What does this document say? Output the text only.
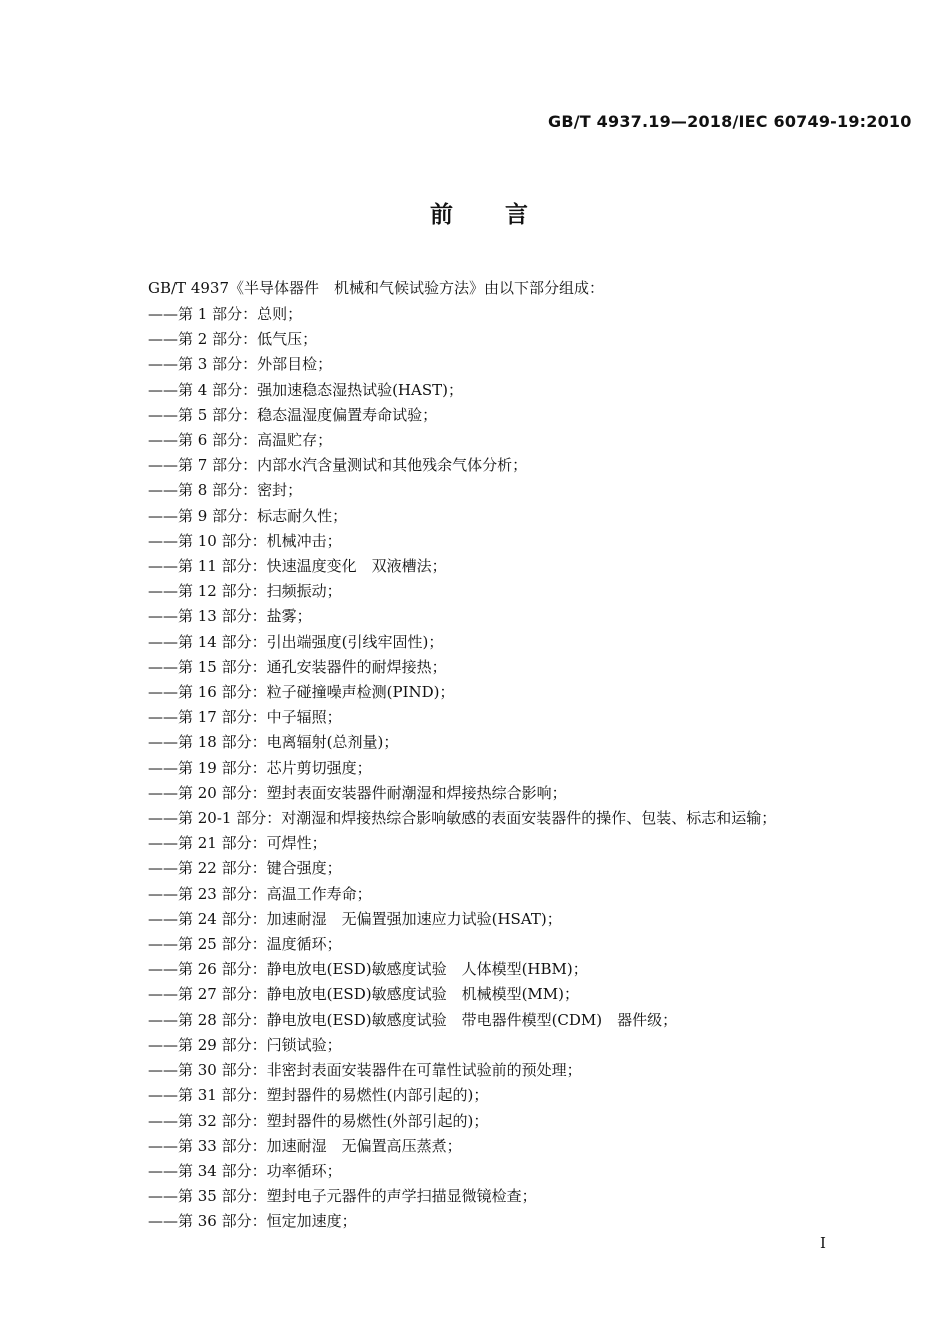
GB/T 4937.19—2018/IEC 60749-19:2010
前言
GB/T 4937《半导体器件　机械和气候试验方法》由以下部分组成：
——第 1 部分：总则；
——第 2 部分：低气压；
——第 3 部分：外部目检；
——第 4 部分：强加速稳态湿热试验(HAST)；
——第 5 部分：稳态温湿度偏置寿命试验；
——第 6 部分：高温贮存；
——第 7 部分：内部水汽含量测试和其他残余气体分析；
——第 8 部分：密封；
——第 9 部分：标志耐久性；
——第 10 部分：机械冲击；
——第 11 部分：快速温度变化　双液槽法；
——第 12 部分：扫频振动；
——第 13 部分：盐雾；
——第 14 部分：引出端强度(引线牢固性)；
——第 15 部分：通孔安装器件的耐焊接热；
——第 16 部分：粒子碰撞噪声检测(PIND)；
——第 17 部分：中子辐照；
——第 18 部分：电离辐射(总剂量)；
——第 19 部分：芯片剪切强度；
——第 20 部分：塑封表面安装器件耐潮湿和焊接热综合影响；
——第 20-1 部分：对潮湿和焊接热综合影响敏感的表面安装器件的操作、包装、标志和运输；
——第 21 部分：可焊性；
——第 22 部分：键合强度；
——第 23 部分：高温工作寿命；
——第 24 部分：加速耐湿　无偏置强加速应力试验(HSAT)；
——第 25 部分：温度循环；
——第 26 部分：静电放电(ESD)敏感度试验　人体模型(HBM)；
——第 27 部分：静电放电(ESD)敏感度试验　机械模型(MM)；
——第 28 部分：静电放电(ESD)敏感度试验　带电器件模型(CDM)　器件级；
——第 29 部分：闩锁试验；
——第 30 部分：非密封表面安装器件在可靠性试验前的预处理；
——第 31 部分：塑封器件的易燃性(内部引起的)；
——第 32 部分：塑封器件的易燃性(外部引起的)；
——第 33 部分：加速耐湿　无偏置高压蒸煮；
——第 34 部分：功率循环；
——第 35 部分：塑封电子元器件的声学扫描显微镜检查；
——第 36 部分：恒定加速度；
I
